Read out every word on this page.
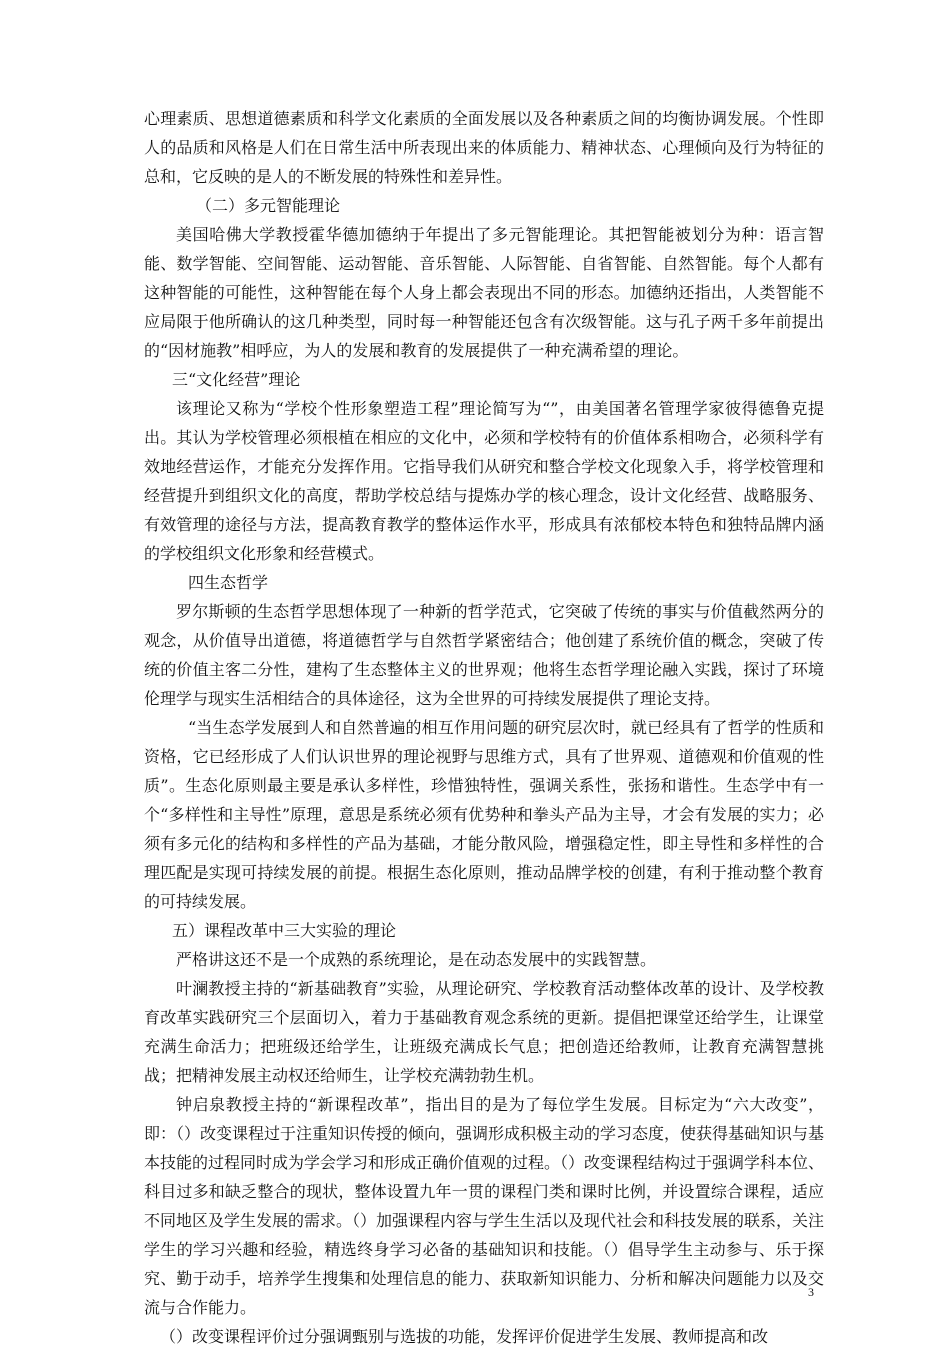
心理素质、思想道德素质和科学文化素质的全面发展以及各种素质之间的均衡协调发展。个性即人的品质和风格是人们在日常生活中所表现出来的体质能力、精神状态、心理倾向及行为特征的总和，它反映的是人的不断发展的特殊性和差异性。

（二）多元智能理论

美国哈佛大学教授霍华德加德纳于年提出了多元智能理论。其把智能被划分为种：语言智能、数学智能、空间智能、运动智能、音乐智能、人际智能、自省智能、自然智能。每个人都有这种智能的可能性，这种智能在每个人身上都会表现出不同的形态。加德纳还指出，人类智能不应局限于他所确认的这几种类型，同时每一种智能还包含有次级智能。这与孔子两千多年前提出的“因材施教”相呼应，为人的发展和教育的发展提供了一种充满希望的理论。

三“文化经营”理论

该理论又称为“学校个性形象塑造工程”理论简写为“”，由美国著名管理学家彼得德鲁克提出。其认为学校管理必须根植在相应的文化中，必须和学校特有的价值体系相吻合，必须科学有效地经营运作，才能充分发挥作用。它指导我们从研究和整合学校文化现象入手，将学校管理和经营提升到组织文化的高度，帮助学校总结与提炼办学的核心理念，设计文化经营、战略服务、有效管理的途径与方法，提高教育教学的整体运作水平，形成具有浓郁校本特色和独特品牌内涵的学校组织文化形象和经营模式。

四生态哲学

罗尔斯顿的生态哲学思想体现了一种新的哲学范式，它突破了传统的事实与价值截然两分的观念，从价值导出道德，将道德哲学与自然哲学紧密结合；他创建了系统价值的概念，突破了传统的价值主客二分性，建构了生态整体主义的世界观；他将生态哲学理论融入实践，探讨了环境伦理学与现实生活相结合的具体途径，这为全世界的可持续发展提供了理论支持。

“当生态学发展到人和自然普遍的相互作用问题的研究层次时，就已经具有了哲学的性质和资格，它已经形成了人们认识世界的理论视野与思维方式，具有了世界观、道德观和价值观的性质”。生态化原则最主要是承认多样性，珍惜独特性，强调关系性，张扬和谐性。生态学中有一个“多样性和主导性”原理，意思是系统必须有优势种和拳头产品为主导，才会有发展的实力；必须有多元化的结构和多样性的产品为基础，才能分散风险，增强稳定性，即主导性和多样性的合理匹配是实现可持续发展的前提。根据生态化原则，推动品牌学校的创建，有利于推动整个教育的可持续发展。

五）课程改革中三大实验的理论

严格讲这还不是一个成熟的系统理论，是在动态发展中的实践智慧。

叶澜教授主持的“新基础教育”实验，从理论研究、学校教育活动整体改革的设计、及学校教育改革实践研究三个层面切入，着力于基础教育观念系统的更新。提倡把课堂还给学生，让课堂充满生命活力；把班级还给学生，让班级充满成长气息；把创造还给教师，让教育充满智慧挑战；把精神发展主动权还给师生，让学校充满勃勃生机。

钟启泉教授主持的“新课程改革”，指出目的是为了每位学生发展。目标定为“六大改变”，即：（）改变课程过于注重知识传授的倾向，强调形成积极主动的学习态度，使获得基础知识与基本技能的过程同时成为学会学习和形成正确价值观的过程。（）改变课程结构过于强调学科本位、科目过多和缺乏整合的现状，整体设置九年一贯的课程门类和课时比例，并设置综合课程，适应不同地区及学生发展的需求。（）加强课程内容与学生生活以及现代社会和科技发展的联系，关注学生的学习兴趣和经验，精选终身学习必备的基础知识和技能。（）倡导学生主动参与、乐于探究、勤于动手，培养学生搜集和处理信息的能力、获取新知识能力、分析和解决问题能力以及交流与合作能力。

（）改变课程评价过分强调甄别与选拔的功能，发挥评价促进学生发展、教师提高和改

3
